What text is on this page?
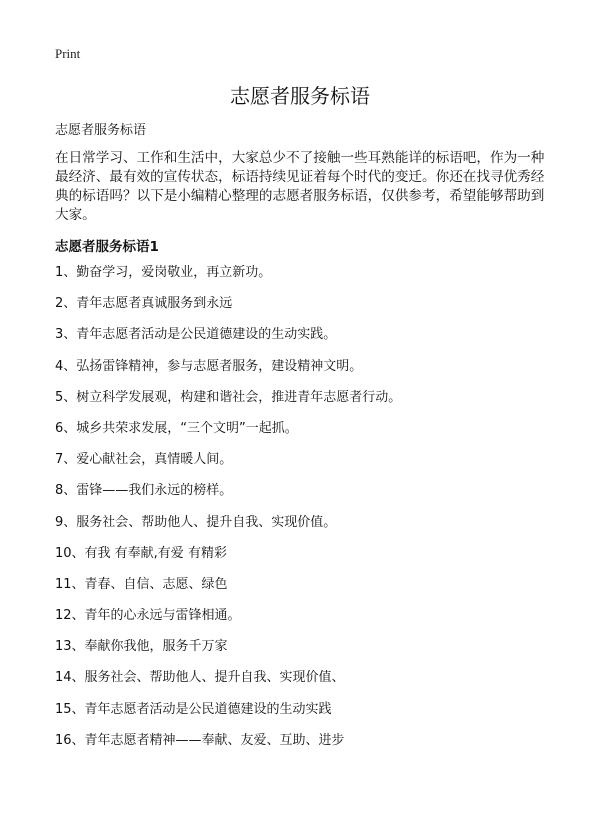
Print
志愿者服务标语
志愿者服务标语

在日常学习、工作和生活中，大家总少不了接触一些耳熟能详的标语吧，作为一种最经济、最有效的宣传状态，标语持续见证着每个时代的变迁。你还在找寻优秀经典的标语吗？以下是小编精心整理的志愿者服务标语，仅供参考，希望能够帮助到大家。

志愿者服务标语1
1、勤奋学习，爱岗敬业，再立新功。
2、青年志愿者真诚服务到永远
3、青年志愿者活动是公民道德建设的生动实践。
4、弘扬雷锋精神，参与志愿者服务，建设精神文明。
5、树立科学发展观，构建和谐社会，推进青年志愿者行动。
6、城乡共荣求发展，“三个文明”一起抓。
7、爱心献社会，真情暖人间。
8、雷锋——我们永远的榜样。
9、服务社会、帮助他人、提升自我、实现价值。
10、有我 有奉献,有爱 有精彩
11、青春、自信、志愿、绿色
12、青年的心永远与雷锋相通。
13、奉献你我他，服务千万家
14、服务社会、帮助他人、提升自我、实现价值、
15、青年志愿者活动是公民道德建设的生动实践
16、青年志愿者精神——奉献、友爱、互助、进步
